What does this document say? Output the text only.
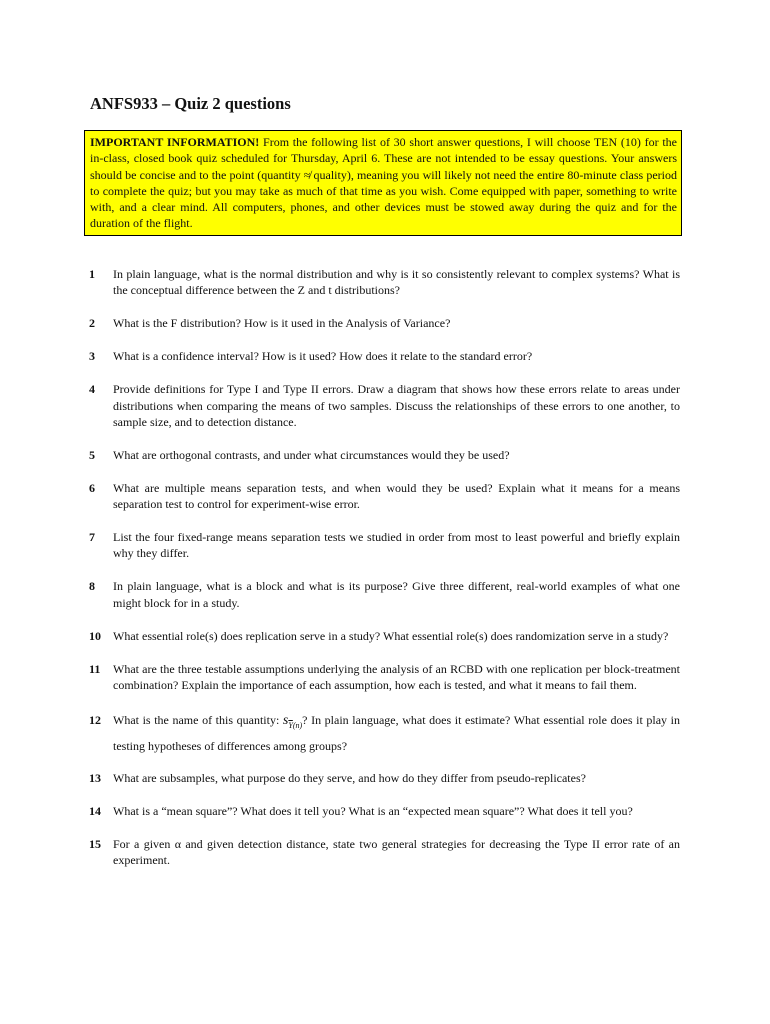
ANFS933 – Quiz 2 questions
IMPORTANT INFORMATION! From the following list of 30 short answer questions, I will choose TEN (10) for the in-class, closed book quiz scheduled for Thursday, April 6. These are not intended to be essay questions. Your answers should be concise and to the point (quantity ≉ quality), meaning you will likely not need the entire 80-minute class period to complete the quiz; but you may take as much of that time as you wish. Come equipped with paper, something to write with, and a clear mind. All computers, phones, and other devices must be stowed away during the quiz and for the duration of the flight.
1	In plain language, what is the normal distribution and why is it so consistently relevant to complex systems? What is the conceptual difference between the Z and t distributions?
2	What is the F distribution? How is it used in the Analysis of Variance?
3	What is a confidence interval? How is it used? How does it relate to the standard error?
4	Provide definitions for Type I and Type II errors. Draw a diagram that shows how these errors relate to areas under distributions when comparing the means of two samples. Discuss the relationships of these errors to one another, to sample size, and to detection distance.
5	What are orthogonal contrasts, and under what circumstances would they be used?
6	What are multiple means separation tests, and when would they be used? Explain what it means for a means separation test to control for experiment-wise error.
7	List the four fixed-range means separation tests we studied in order from most to least powerful and briefly explain why they differ.
8	In plain language, what is a block and what is its purpose? Give three different, real-world examples of what one might block for in a study.
10	What essential role(s) does replication serve in a study? What essential role(s) does randomization serve in a study?
11	What are the three testable assumptions underlying the analysis of an RCBD with one replication per block-treatment combination? Explain the importance of each assumption, how each is tested, and what it means to fail them.
12	What is the name of this quantity: $s_{\overline{Y}(n)}$? In plain language, what does it estimate? What essential role does it play in testing hypotheses of differences among groups?
13	What are subsamples, what purpose do they serve, and how do they differ from pseudo-replicates?
14	What is a “mean square”? What does it tell you? What is an “expected mean square”? What does it tell you?
15	For a given α and given detection distance, state two general strategies for decreasing the Type II error rate of an experiment.
